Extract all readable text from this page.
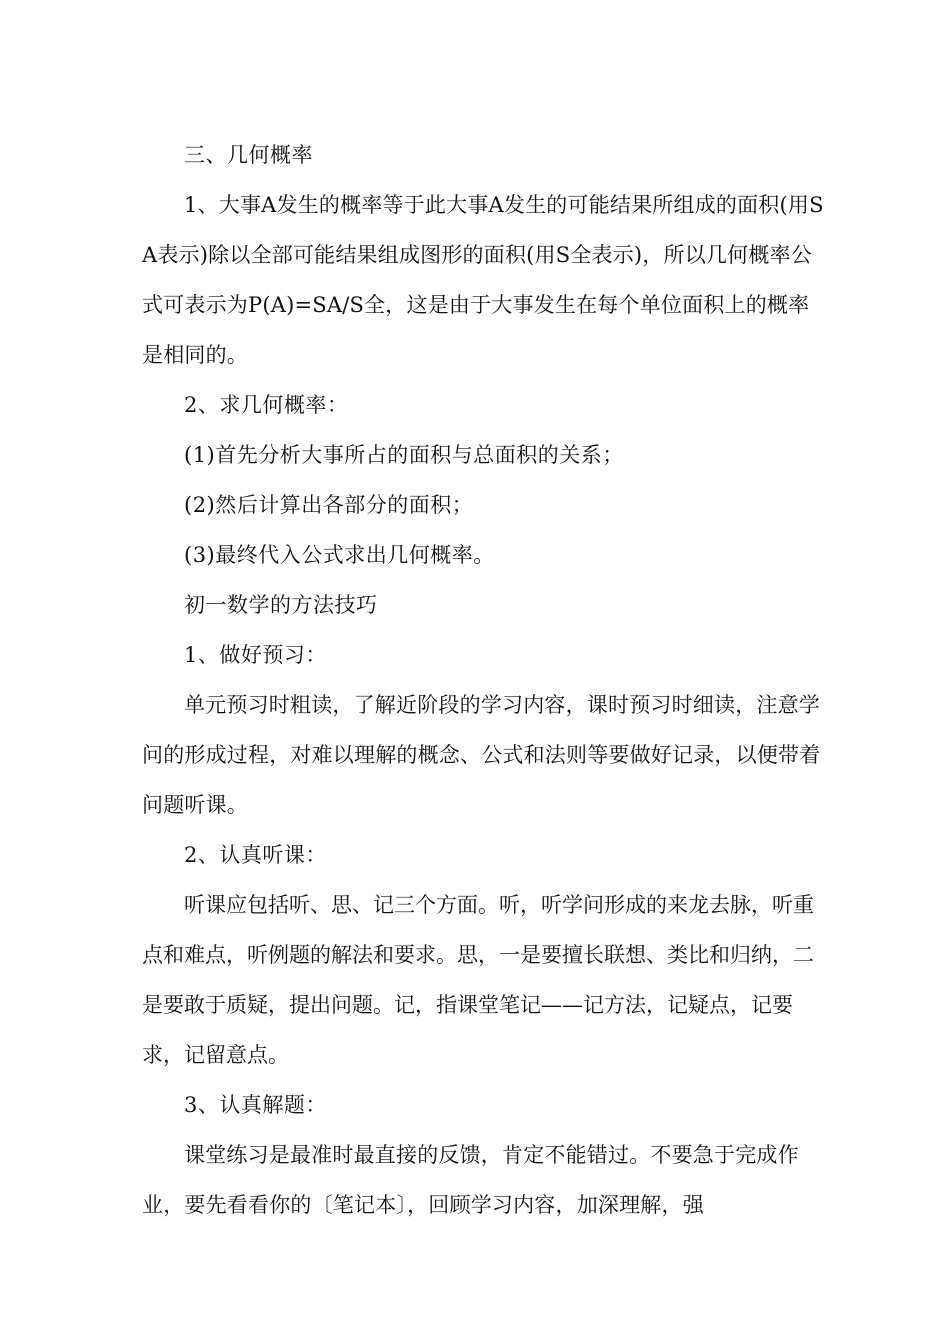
三、几何概率

1、大事A发生的概率等于此大事A发生的可能结果所组成的面积(用SA表示)除以全部可能结果组成图形的面积(用S全表示)，所以几何概率公式可表示为P(A)=SA/S全，这是由于大事发生在每个单位面积上的概率是相同的。

2、求几何概率：

(1)首先分析大事所占的面积与总面积的关系；

(2)然后计算出各部分的面积；

(3)最终代入公式求出几何概率。

初一数学的方法技巧

1、做好预习：

单元预习时粗读，了解近阶段的学习内容，课时预习时细读，注意学问的形成过程，对难以理解的概念、公式和法则等要做好记录，以便带着问题听课。

2、认真听课：

听课应包括听、思、记三个方面。听，听学问形成的来龙去脉，听重点和难点，听例题的解法和要求。思，一是要擅长联想、类比和归纳，二是要敢于质疑，提出问题。记，指课堂笔记——记方法，记疑点，记要求，记留意点。

3、认真解题：

课堂练习是最准时最直接的反馈，肯定不能错过。不要急于完成作业，要先看看你的〔笔记本〕，回顾学习内容，加深理解，强
